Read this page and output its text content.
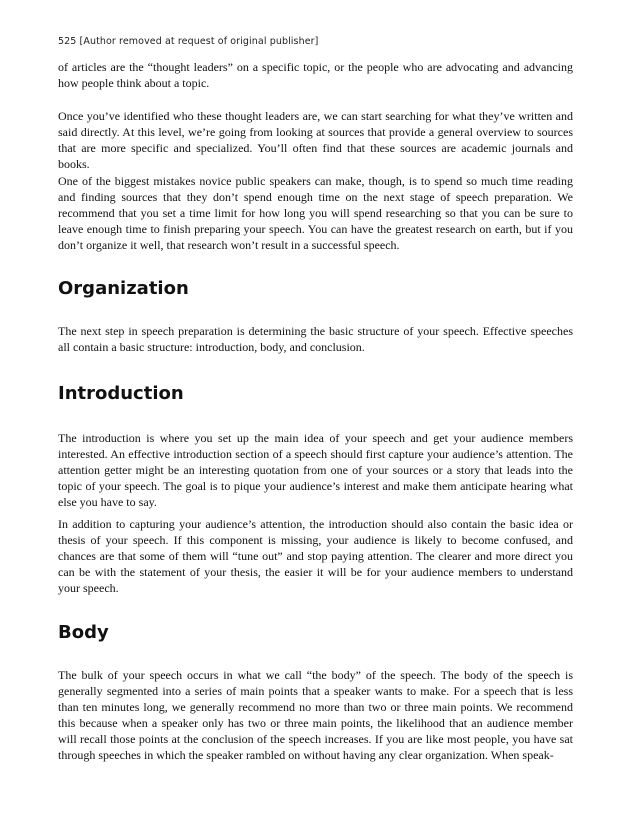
525 [Author removed at request of original publisher]

of articles are the “thought leaders” on a specific topic, or the people who are advocating and advancing how people think about a topic.

Once you’ve identified who these thought leaders are, we can start searching for what they’ve written and said directly. At this level, we’re going from looking at sources that provide a general overview to sources that are more specific and specialized. You’ll often find that these sources are academic journals and books.

One of the biggest mistakes novice public speakers can make, though, is to spend so much time reading and finding sources that they don’t spend enough time on the next stage of speech preparation. We recommend that you set a time limit for how long you will spend researching so that you can be sure to leave enough time to finish preparing your speech. You can have the greatest research on earth, but if you don’t organize it well, that research won’t result in a successful speech.

Organization

The next step in speech preparation is determining the basic structure of your speech. Effective speeches all contain a basic structure: introduction, body, and conclusion.

Introduction

The introduction is where you set up the main idea of your speech and get your audience members interested. An effective introduction section of a speech should first capture your audience’s attention. The attention getter might be an interesting quotation from one of your sources or a story that leads into the topic of your speech. The goal is to pique your audience’s interest and make them anticipate hearing what else you have to say.

In addition to capturing your audience’s attention, the introduction should also contain the basic idea or thesis of your speech. If this component is missing, your audience is likely to become confused, and chances are that some of them will “tune out” and stop paying attention. The clearer and more direct you can be with the statement of your thesis, the easier it will be for your audience members to understand your speech.

Body

The bulk of your speech occurs in what we call “the body” of the speech. The body of the speech is generally segmented into a series of main points that a speaker wants to make. For a speech that is less than ten minutes long, we generally recommend no more than two or three main points. We recommend this because when a speaker only has two or three main points, the likelihood that an audience member will recall those points at the conclusion of the speech increases. If you are like most people, you have sat through speeches in which the speaker rambled on without having any clear organization. When speak-
